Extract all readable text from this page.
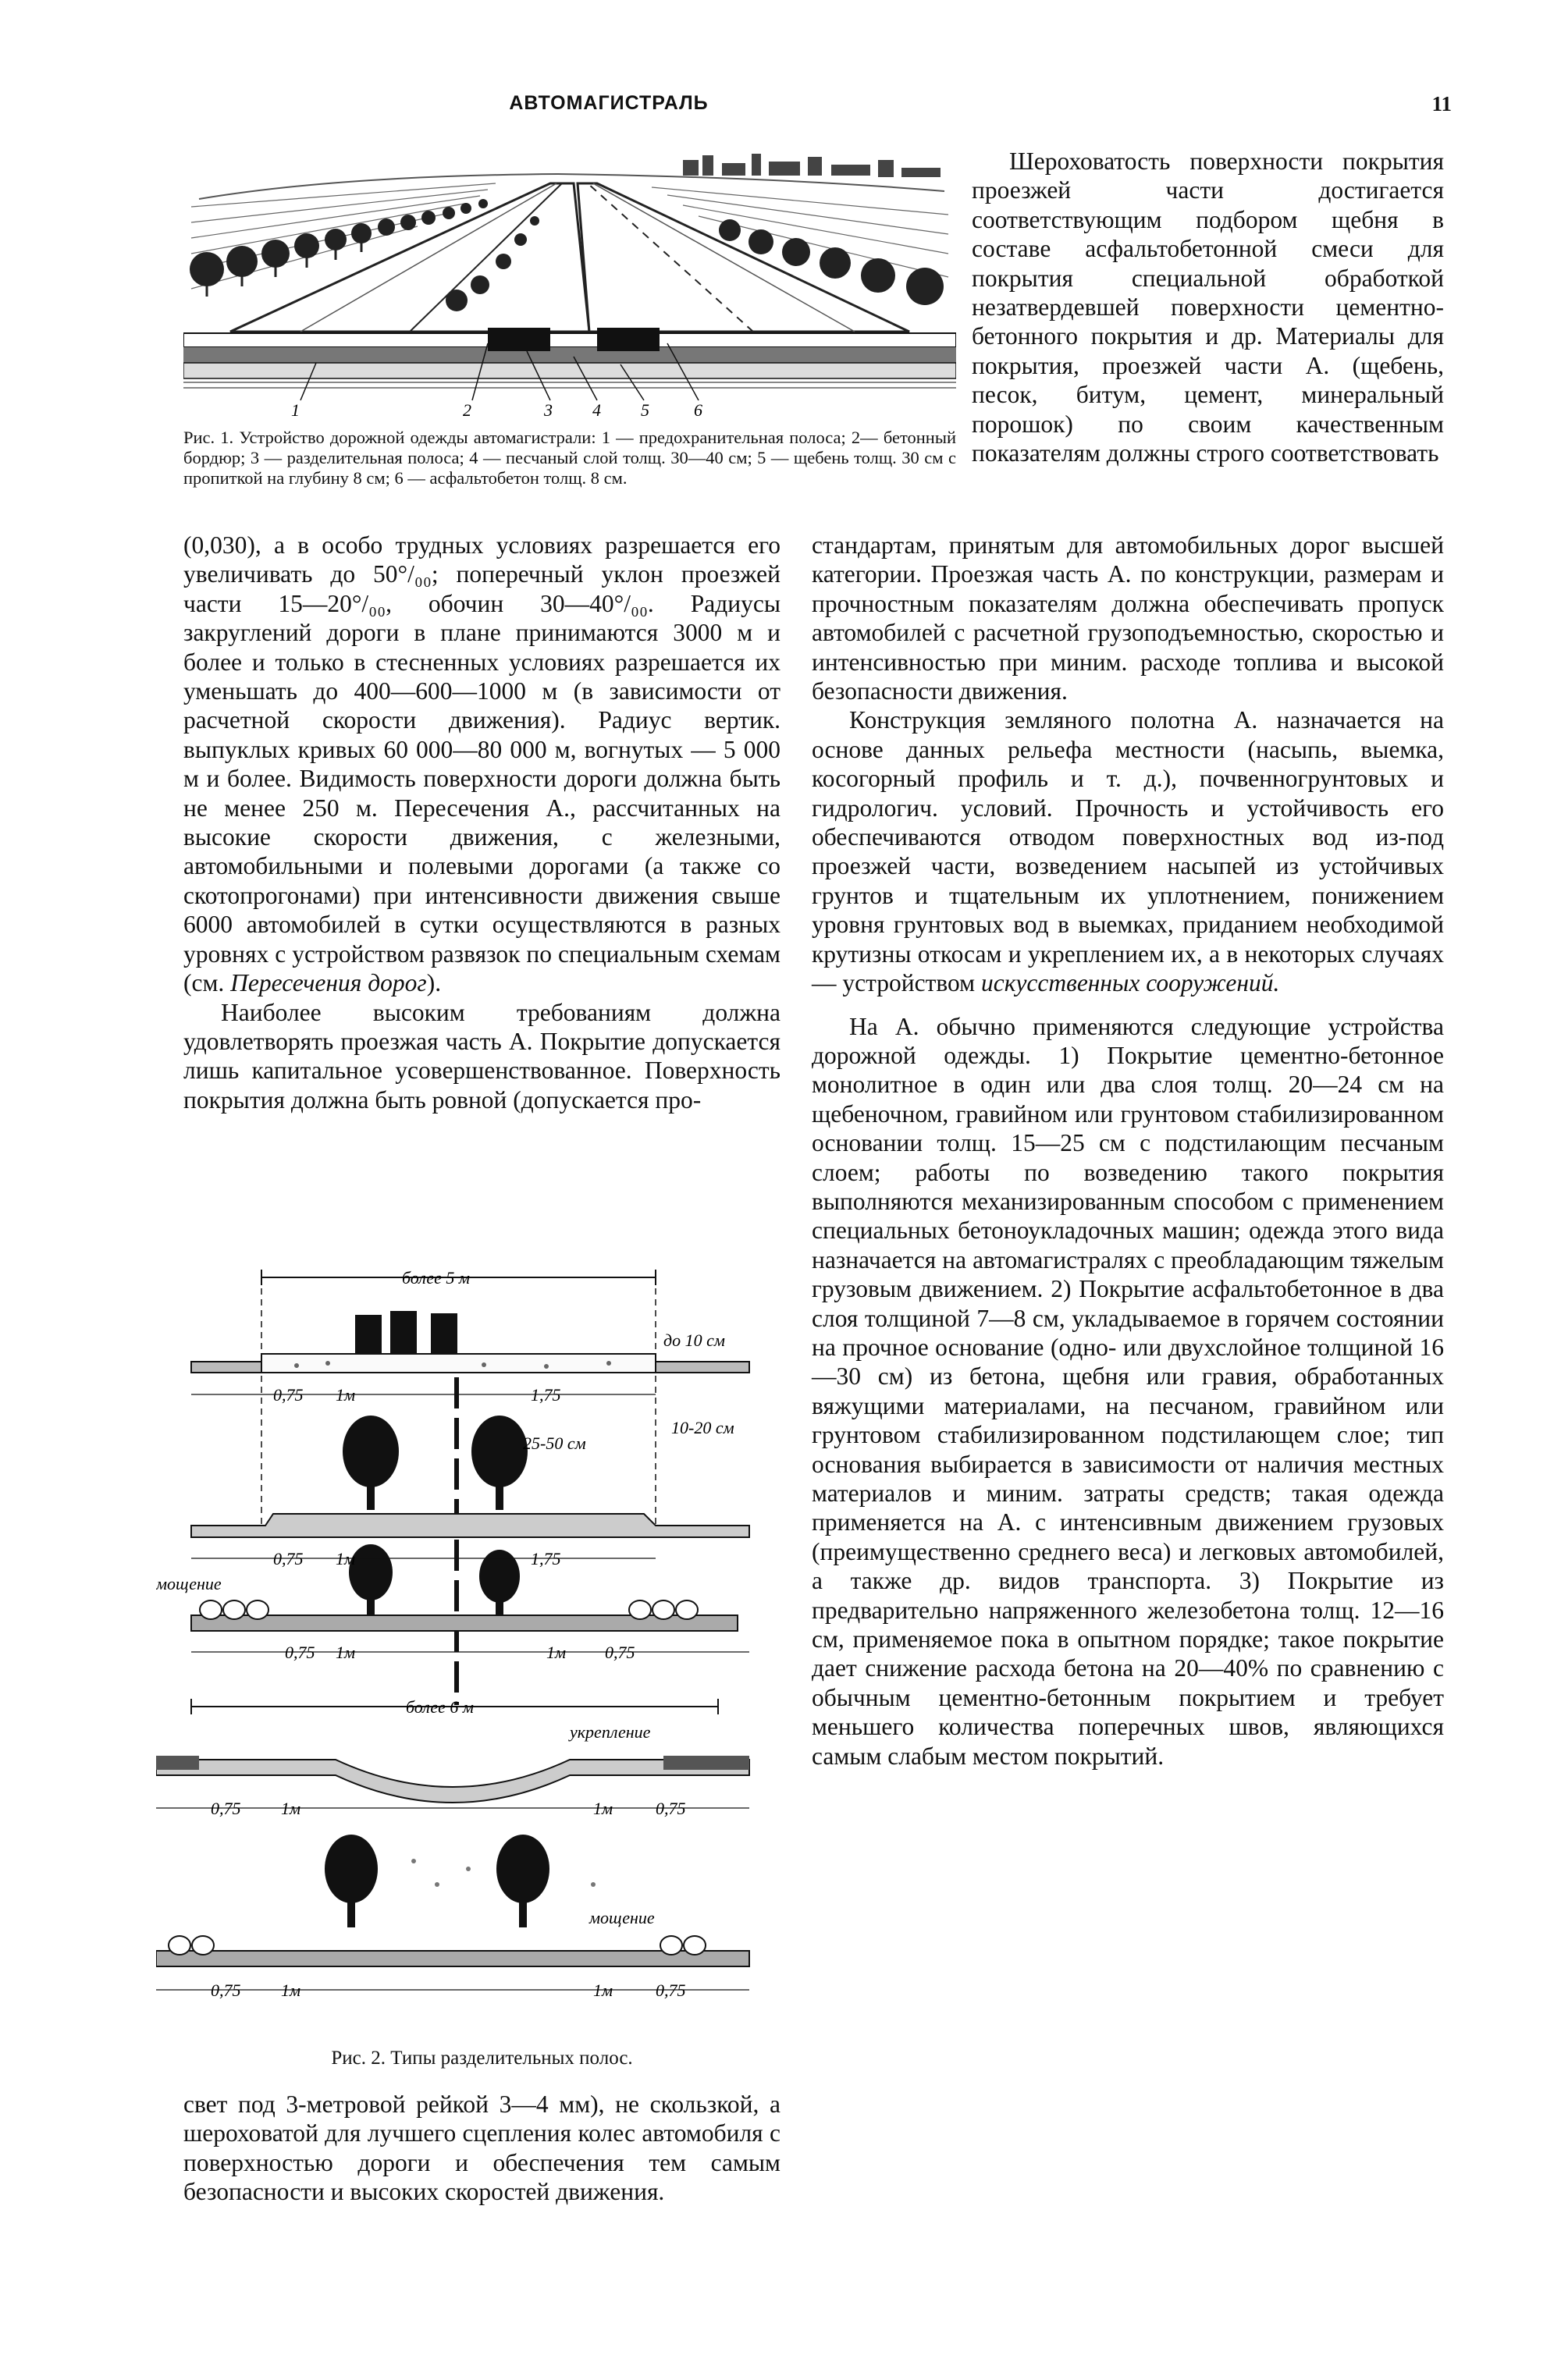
АВТОМАГИСТРАЛЬ	11
1	2	3 4 5	6
Рис. 1. Устройство дорожной одежды автомагистрали: 1 — предохранительная полоса; 2— бетонный бордюр; 3 — разделительная полоса; 4 — песчаный слой толщ. 30—40 см; 5 — щебень толщ. 30 см с пропиткой на глубину 8 см; 6 — асфальтобетон толщ. 8 см.

Шероховатость поверхности покрытия проезжей части достигается соответствующим подбором щебня в составе асфальтобетонной смеси для покрытия специальной обработкой незатвердевшей поверхности цементно-бетонного покрытия и др. Материалы для покрытия, проезжей части А. (щебень, песок, битум, цемент, минеральный порошок) по своим качественным показателям должны строго соответствовать

(0,030), а в особо трудных условиях разрешается его увеличивать до 50°/₀₀; поперечный уклон проезжей части 15—20°/₀₀, обочин 30—40°/₀₀. Радиусы закруглений дороги в плане принимаются 3000 м и более и только в стесненных условиях разрешается их уменьшать до 400—600—1000 м (в зависимости от расчетной скорости движения). Радиус вертик. выпуклых кривых 60 000—80 000 м, вогнутых — 5 000 м и более. Видимость поверхности дороги должна быть не менее 250 м. Пересечения А., рассчитанных на высокие скорости движения, с железными, автомобильными и полевыми дорогами (а также со скотопрогонами) при интенсивности движения свыше 6000 автомобилей в сутки осуществляются в разных уровнях с устройством развязок по специальным схемам (см. Пересечения дорог).

Наиболее высоким требованиям должна удовлетворять проезжая часть А. Покрытие допускается лишь капитальное усовершенствованное. Поверхность покрытия должна быть ровной (допускается про-

более 5 м
до 10 см
0,75 1м	1,75
25-50 см
10-20 см
0,75 1м	1,75
мощение
0,75 1м	1м 0,75
более 6 м
укрепление
0,75 1м	1м 0,75
мощение
0,75 1м	1м 0,75
Рис. 2. Типы разделительных полос.

свет под 3-метровой рейкой 3—4 мм), не скользкой, а шероховатой для лучшего сцепления колес автомобиля с поверхностью дороги и обеспечения тем самым безопасности и высоких скоростей движения.

стандартам, принятым для автомобильных дорог высшей категории. Проезжая часть А. по конструкции, размерам и прочностным показателям должна обеспечивать пропуск автомобилей с расчетной грузоподъемностью, скоростью и интенсивностью при миним. расходе топлива и высокой безопасности движения.

Конструкция земляного полотна А. назначается на основе данных рельефа местности (насыпь, выемка, косогорный профиль и т. д.), почвенногрунтовых и гидрологич. условий. Прочность и устойчивость его обеспечиваются отводом поверхностных вод из-под проезжей части, возведением насыпей из устойчивых грунтов и тщательным их уплотнением, понижением уровня грунтовых вод в выемках, приданием необходимой крутизны откосам и укреплением их, а в некоторых случаях — устройством искусственных сооружений.

На А. обычно применяются следующие устройства дорожной одежды. 1) Покрытие цементно-бетонное монолитное в один или два слоя толщ. 20—24 см на щебеночном, гравийном или грунтовом стабилизированном основании толщ. 15—25 см с подстилающим песчаным слоем; работы по возведению такого покрытия выполняются механизированным способом с применением специальных бетоноукладочных машин; одежда этого вида назначается на автомагистралях с преобладающим тяжелым грузовым движением. 2) Покрытие асфальтобетонное в два слоя толщиной 7—8 см, укладываемое в горячем состоянии на прочное основание (одно- или двухслойное толщиной 16—30 см) из бетона, щебня или гравия, обработанных вяжущими материалами, на песчаном, гравийном или грунтовом стабилизированном подстилающем слое; тип основания выбирается в зависимости от наличия местных материалов и миним. затраты средств; такая одежда применяется на А. с интенсивным движением грузовых (преимущественно среднего веса) и легковых автомобилей, а также др. видов транспорта. 3) Покрытие из предварительно напряженного железобетона толщ. 12—16 см, применяемое пока в опытном порядке; такое покрытие дает снижение расхода бетона на 20—40% по сравнению с обычным цементно-бетонным покрытием и требует меньшего количества поперечных швов, являющихся самым слабым местом покрытий.
